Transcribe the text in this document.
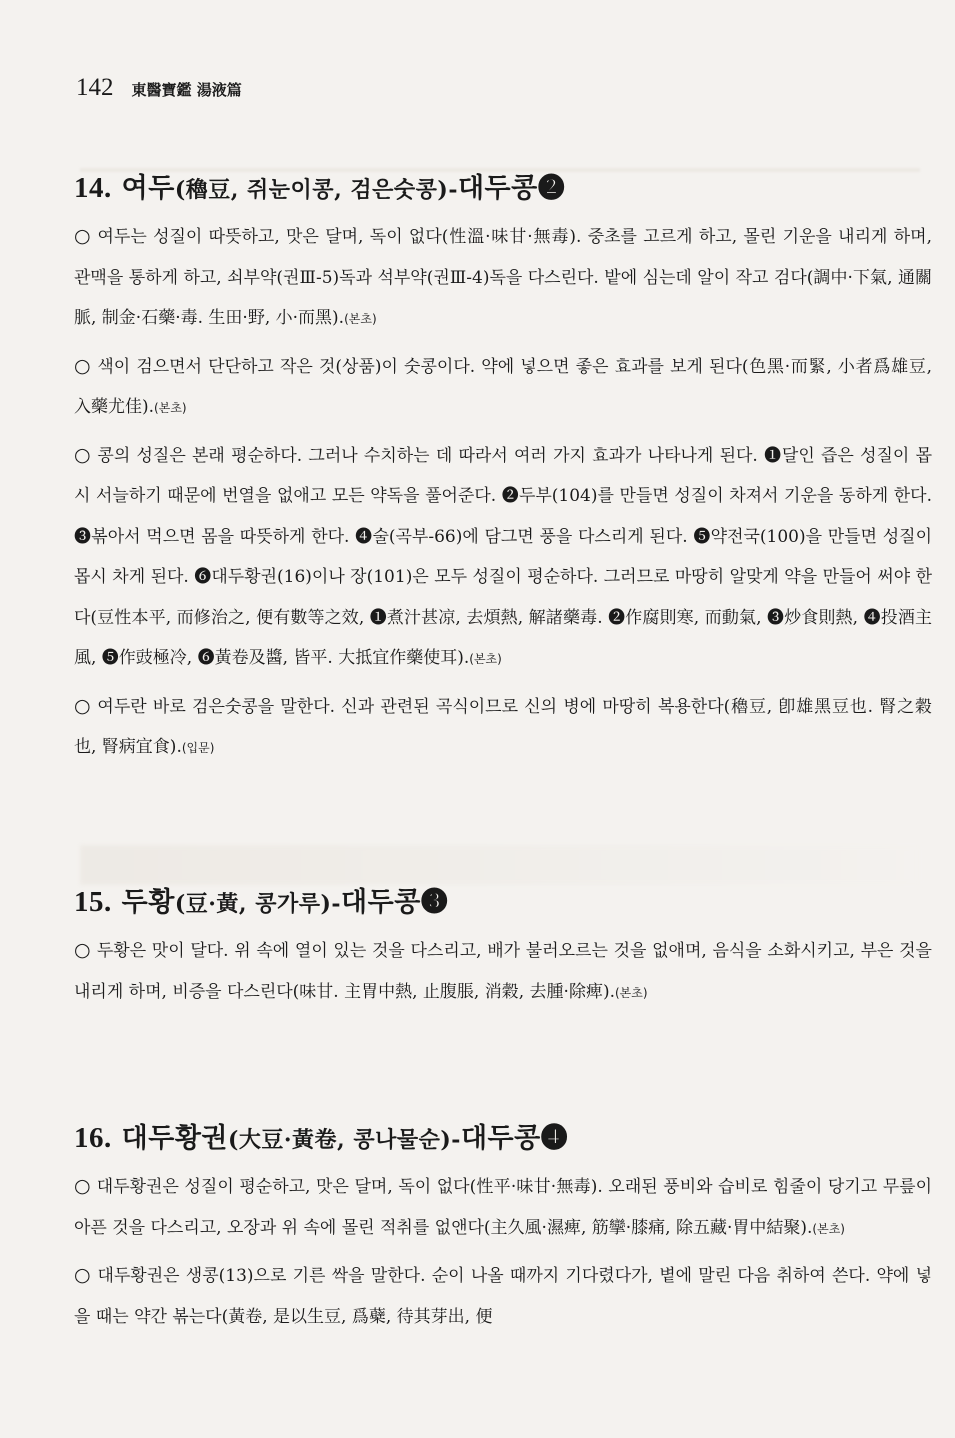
142 東醫寶鑑 湯液篇
14. 여두(穭豆, 쥐눈이콩, 검은숫콩)-대두콩❷

○ 여두는 성질이 따뜻하고, 맛은 달며, 독이 없다(性溫·味甘·無毒). 중초를 고르게 하고, 몰린 기운을 내리게 하며, 관맥을 통하게 하고, 쇠부약(권Ⅲ-5)독과 석부약(권Ⅲ-4)독을 다스린다. 밭에 심는데 알이 작고 검다(調中·下氣, 通關脈, 制金·石藥·毒. 生田·野, 小·而黑).(본초)

○ 색이 검으면서 단단하고 작은 것(상품)이 숫콩이다. 약에 넣으면 좋은 효과를 보게 된다(色黑·而緊, 小者爲雄豆, 入藥尤佳).(본초)

○ 콩의 성질은 본래 평순하다. 그러나 수치하는 데 따라서 여러 가지 효과가 나타나게 된다. ❶달인 즙은 성질이 몹시 서늘하기 때문에 번열을 없애고 모든 약독을 풀어준다. ❷두부(104)를 만들면 성질이 차져서 기운을 동하게 한다. ❸볶아서 먹으면 몸을 따뜻하게 한다. ❹술(곡부-66)에 담그면 풍을 다스리게 된다. ❺약전국(100)을 만들면 성질이 몹시 차게 된다. ❻대두황권(16)이나 장(101)은 모두 성질이 평순하다. 그러므로 마땅히 알맞게 약을 만들어 써야 한다(豆性本平, 而修治之, 便有數等之效, ❶煮汁甚凉, 去煩熱, 解諸藥毒. ❷作腐則寒, 而動氣, ❸炒食則熱, ❹投酒主風, ❺作豉極冷, ❻黃卷及醬, 皆平. 大抵宜作藥使耳).(본초)

○ 여두란 바로 검은숫콩을 말한다. 신과 관련된 곡식이므로 신의 병에 마땅히 복용한다(穭豆, 卽雄黑豆也. 腎之穀也, 腎病宜食).(입문)

15. 두황(豆·黃, 콩가루)-대두콩❸

○ 두황은 맛이 달다. 위 속에 열이 있는 것을 다스리고, 배가 불러오르는 것을 없애며, 음식을 소화시키고, 부은 것을 내리게 하며, 비증을 다스린다(味甘. 主胃中熱, 止腹脹, 消穀, 去腫·除痺).(본초)

16. 대두황권(大豆·黃卷, 콩나물순)-대두콩❹

○ 대두황권은 성질이 평순하고, 맛은 달며, 독이 없다(性平·味甘·無毒). 오래된 풍비와 습비로 힘줄이 당기고 무릎이 아픈 것을 다스리고, 오장과 위 속에 몰린 적취를 없앤다(主久風·濕痺, 筋攣·膝痛, 除五藏·胃中結聚).(본초)

○ 대두황권은 생콩(13)으로 기른 싹을 말한다. 순이 나올 때까지 기다렸다가, 볕에 말린 다음 취하여 쓴다. 약에 넣을 때는 약간 볶는다(黃卷, 是以生豆, 爲蘗, 待其芽出, 便
